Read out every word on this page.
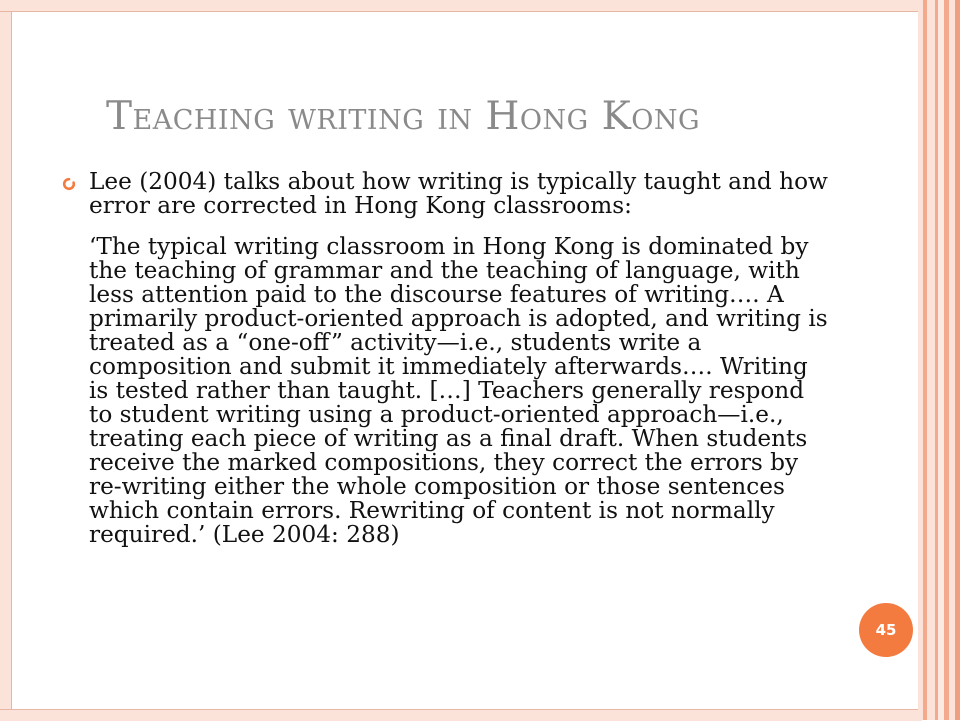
Teaching writing in Hong Kong
Lee (2004) talks about how writing is typically taught and how error are corrected in Hong Kong classrooms:
‘The typical writing classroom in Hong Kong is dominated by the teaching of grammar and the teaching of language, with less attention paid to the discourse features of writing…. A primarily product-oriented approach is adopted, and writing is treated as a “one-off” activity—i.e., students write a composition and submit it immediately afterwards…. Writing is tested rather than taught. […] Teachers generally respond to student writing using a product-oriented approach—i.e., treating each piece of writing as a final draft. When students receive the marked compositions, they correct the errors by re-writing either the whole composition or those sentences which contain errors. Rewriting of content is not normally required.’ (Lee 2004: 288)
45
